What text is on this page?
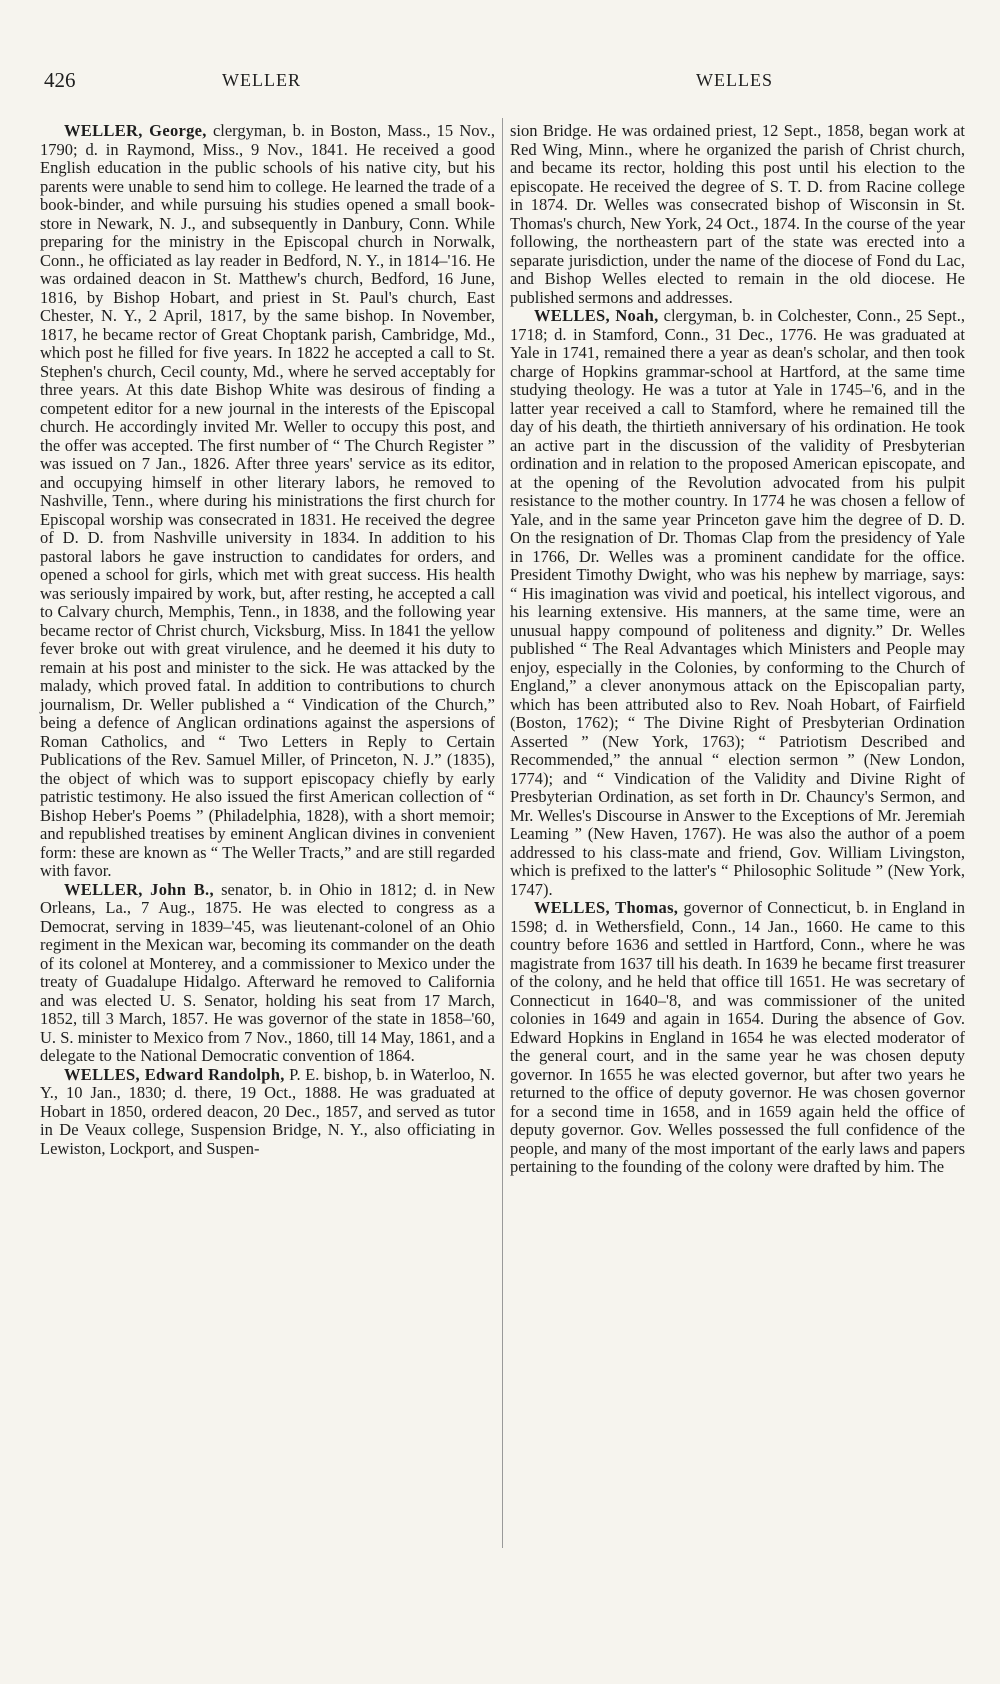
426	WELLER	WELLES

WELLER, George, clergyman, b. in Boston, Mass., 15 Nov., 1790; d. in Raymond, Miss., 9 Nov., 1841. He received a good English education in the public schools of his native city, but his parents were unable to send him to college. He learned the trade of a book-binder, and while pursuing his studies opened a small book-store in Newark, N. J., and subsequently in Danbury, Conn. While preparing for the ministry in the Episcopal church in Norwalk, Conn., he officiated as lay reader in Bedford, N. Y., in 1814–'16. He was ordained deacon in St. Matthew's church, Bedford, 16 June, 1816, by Bishop Hobart, and priest in St. Paul's church, East Chester, N. Y., 2 April, 1817, by the same bishop. In November, 1817, he became rector of Great Choptank parish, Cambridge, Md., which post he filled for five years. In 1822 he accepted a call to St. Stephen's church, Cecil county, Md., where he served acceptably for three years. At this date Bishop White was desirous of finding a competent editor for a new journal in the interests of the Episcopal church. He accordingly invited Mr. Weller to occupy this post, and the offer was accepted. The first number of “ The Church Register ” was issued on 7 Jan., 1826. After three years' service as its editor, and occupying himself in other literary labors, he removed to Nashville, Tenn., where during his ministrations the first church for Episcopal worship was consecrated in 1831. He received the degree of D. D. from Nashville university in 1834. In addition to his pastoral labors he gave instruction to candidates for orders, and opened a school for girls, which met with great success. His health was seriously impaired by work, but, after resting, he accepted a call to Calvary church, Memphis, Tenn., in 1838, and the following year became rector of Christ church, Vicksburg, Miss. In 1841 the yellow fever broke out with great virulence, and he deemed it his duty to remain at his post and minister to the sick. He was attacked by the malady, which proved fatal. In addition to contributions to church journalism, Dr. Weller published a “ Vindication of the Church,” being a defence of Anglican ordinations against the aspersions of Roman Catholics, and “ Two Letters in Reply to Certain Publications of the Rev. Samuel Miller, of Princeton, N. J.” (1835), the object of which was to support episcopacy chiefly by early patristic testimony. He also issued the first American collection of “ Bishop Heber's Poems ” (Philadelphia, 1828), with a short memoir; and republished treatises by eminent Anglican divines in convenient form: these are known as “ The Weller Tracts,” and are still regarded with favor.

WELLER, John B., senator, b. in Ohio in 1812; d. in New Orleans, La., 7 Aug., 1875. He was elected to congress as a Democrat, serving in 1839–'45, was lieutenant-colonel of an Ohio regiment in the Mexican war, becoming its commander on the death of its colonel at Monterey, and a commissioner to Mexico under the treaty of Guadalupe Hidalgo. Afterward he removed to California and was elected U. S. Senator, holding his seat from 17 March, 1852, till 3 March, 1857. He was governor of the state in 1858–'60, U. S. minister to Mexico from 7 Nov., 1860, till 14 May, 1861, and a delegate to the National Democratic convention of 1864.

WELLES, Edward Randolph, P. E. bishop, b. in Waterloo, N. Y., 10 Jan., 1830; d. there, 19 Oct., 1888. He was graduated at Hobart in 1850, ordered deacon, 20 Dec., 1857, and served as tutor in De Veaux college, Suspension Bridge, N. Y., also officiating in Lewiston, Lockport, and Suspen-

sion Bridge. He was ordained priest, 12 Sept., 1858, began work at Red Wing, Minn., where he organized the parish of Christ church, and became its rector, holding this post until his election to the episcopate. He received the degree of S. T. D. from Racine college in 1874. Dr. Welles was consecrated bishop of Wisconsin in St. Thomas's church, New York, 24 Oct., 1874. In the course of the year following, the northeastern part of the state was erected into a separate jurisdiction, under the name of the diocese of Fond du Lac, and Bishop Welles elected to remain in the old diocese. He published sermons and addresses.

WELLES, Noah, clergyman, b. in Colchester, Conn., 25 Sept., 1718; d. in Stamford, Conn., 31 Dec., 1776. He was graduated at Yale in 1741, remained there a year as dean's scholar, and then took charge of Hopkins grammar-school at Hartford, at the same time studying theology. He was a tutor at Yale in 1745–'6, and in the latter year received a call to Stamford, where he remained till the day of his death, the thirtieth anniversary of his ordination. He took an active part in the discussion of the validity of Presbyterian ordination and in relation to the proposed American episcopate, and at the opening of the Revolution advocated from his pulpit resistance to the mother country. In 1774 he was chosen a fellow of Yale, and in the same year Princeton gave him the degree of D. D. On the resignation of Dr. Thomas Clap from the presidency of Yale in 1766, Dr. Welles was a prominent candidate for the office. President Timothy Dwight, who was his nephew by marriage, says: “ His imagination was vivid and poetical, his intellect vigorous, and his learning extensive. His manners, at the same time, were an unusual happy compound of politeness and dignity.” Dr. Welles published “ The Real Advantages which Ministers and People may enjoy, especially in the Colonies, by conforming to the Church of England,” a clever anonymous attack on the Episcopalian party, which has been attributed also to Rev. Noah Hobart, of Fairfield (Boston, 1762); “ The Divine Right of Presbyterian Ordination Asserted ” (New York, 1763); “ Patriotism Described and Recommended,” the annual “ election sermon ” (New London, 1774); and “ Vindication of the Validity and Divine Right of Presbyterian Ordination, as set forth in Dr. Chauncy's Sermon, and Mr. Welles's Discourse in Answer to the Exceptions of Mr. Jeremiah Leaming ” (New Haven, 1767). He was also the author of a poem addressed to his class-mate and friend, Gov. William Livingston, which is prefixed to the latter's “ Philosophic Solitude ” (New York, 1747).

WELLES, Thomas, governor of Connecticut, b. in England in 1598; d. in Wethersfield, Conn., 14 Jan., 1660. He came to this country before 1636 and settled in Hartford, Conn., where he was magistrate from 1637 till his death. In 1639 he became first treasurer of the colony, and he held that office till 1651. He was secretary of Connecticut in 1640–'8, and was commissioner of the united colonies in 1649 and again in 1654. During the absence of Gov. Edward Hopkins in England in 1654 he was elected moderator of the general court, and in the same year he was chosen deputy governor. In 1655 he was elected governor, but after two years he returned to the office of deputy governor. He was chosen governor for a second time in 1658, and in 1659 again held the office of deputy governor. Gov. Welles possessed the full confidence of the people, and many of the most important of the early laws and papers pertaining to the founding of the colony were drafted by him. The
